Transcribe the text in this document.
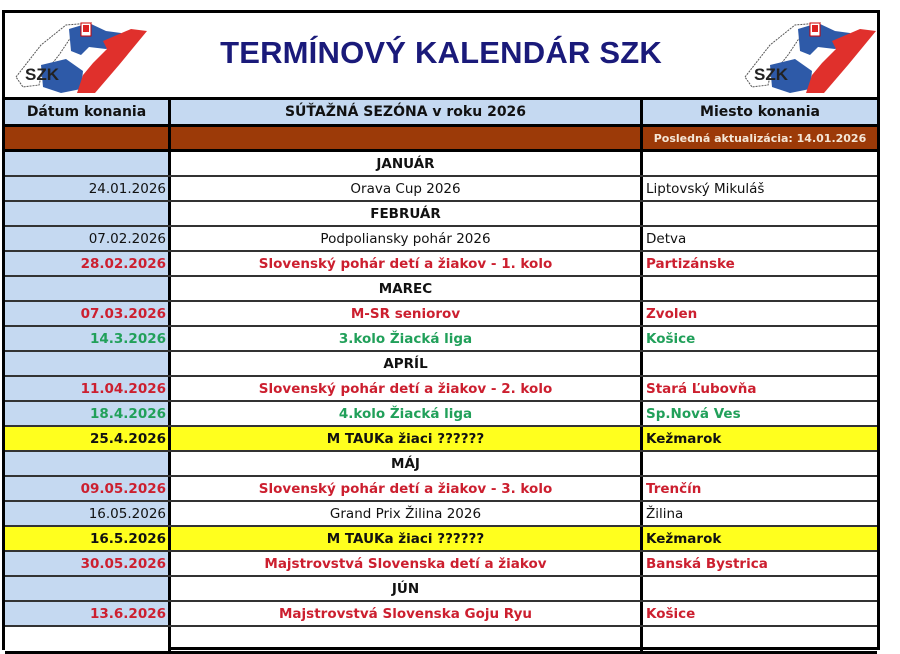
SZK
TERMÍNOVÝ KALENDÁR SZK
SZK
Dátum konania	SÚŤAŽNÁ SEZÓNA v roku 2026	Miesto konania
Posledná aktualizácia: 14.01.2026
JANUÁR
24.01.2026	Orava Cup 2026	Liptovský Mikuláš
FEBRUÁR
07.02.2026	Podpoliansky pohár 2026	Detva
28.02.2026	Slovenský pohár detí a žiakov - 1. kolo	Partizánske
MAREC
07.03.2026	M-SR seniorov	Zvolen
14.3.2026	3.kolo Žiacká liga	Košice
APRÍL
11.04.2026	Slovenský pohár detí a žiakov - 2. kolo	Stará Ľubovňa
18.4.2026	4.kolo Žiacká liga	Sp.Nová Ves
25.4.2026	M TAUKa žiaci ??????	Kežmarok
MÁJ
09.05.2026	Slovenský pohár detí a žiakov - 3. kolo	Trenčín
16.05.2026	Grand Prix Žilina 2026	Žilina
16.5.2026	M TAUKa žiaci ??????	Kežmarok
30.05.2026	Majstrovstvá Slovenska detí a žiakov	Banská Bystrica
JÚN
13.6.2026	Majstrovstvá Slovenska Goju Ryu	Košice
